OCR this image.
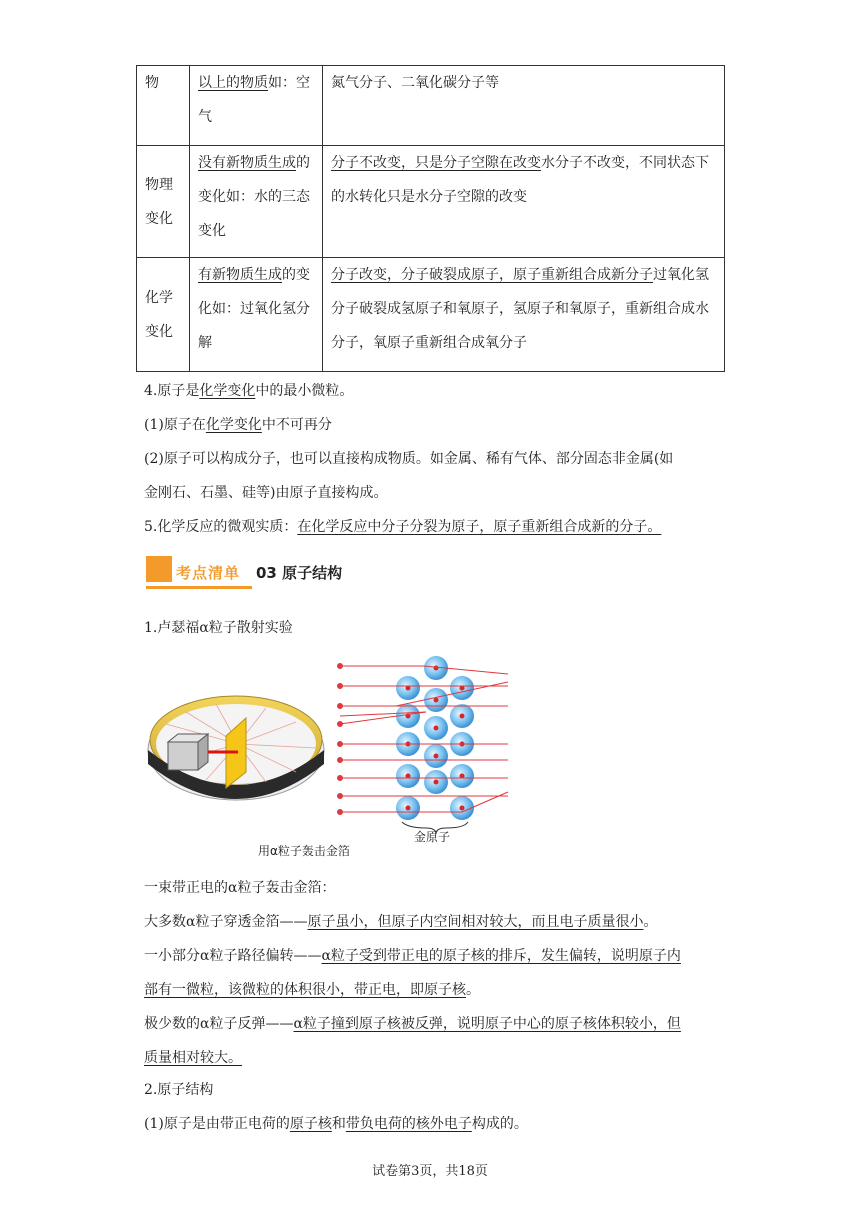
物	以上的物质如：空气	氮气分子、二氧化碳分子等
物理变化	没有新物质生成的变化如：水的三态变化	分子不改变，只是分子空隙在改变水分子不改变，不同状态下的水转化只是水分子空隙的改变
化学变化	有新物质生成的变化如：过氧化氢分解	分子改变，分子破裂成原子，原子重新组合成新分子过氧化氢分子破裂成氢原子和氧原子，氢原子和氧原子，重新组合成水分子，氧原子重新组合成氧分子
4.原子是化学变化中的最小微粒。
(1)原子在化学变化中不可再分
(2)原子可以构成分子，也可以直接构成物质。如金属、稀有气体、部分固态非金属(如
金刚石、石墨、硅等)由原子直接构成。
5.化学反应的微观实质：在化学反应中分子分裂为原子，原子重新组合成新的分子。
考点清单 03 原子结构
1.卢瑟福α粒子散射实验
金原子
用α粒子轰击金箔
一束带正电的α粒子轰击金箔：
大多数α粒子穿透金箔——原子虽小，但原子内空间相对较大，而且电子质量很小。
一小部分α粒子路径偏转——α粒子受到带正电的原子核的排斥，发生偏转，说明原子内
部有一微粒，该微粒的体积很小，带正电，即原子核。
极少数的α粒子反弹——α粒子撞到原子核被反弹，说明原子中心的原子核体积较小，但
质量相对较大。
2.原子结构
(1)原子是由带正电荷的原子核和带负电荷的核外电子构成的。
试卷第3页，共18页
